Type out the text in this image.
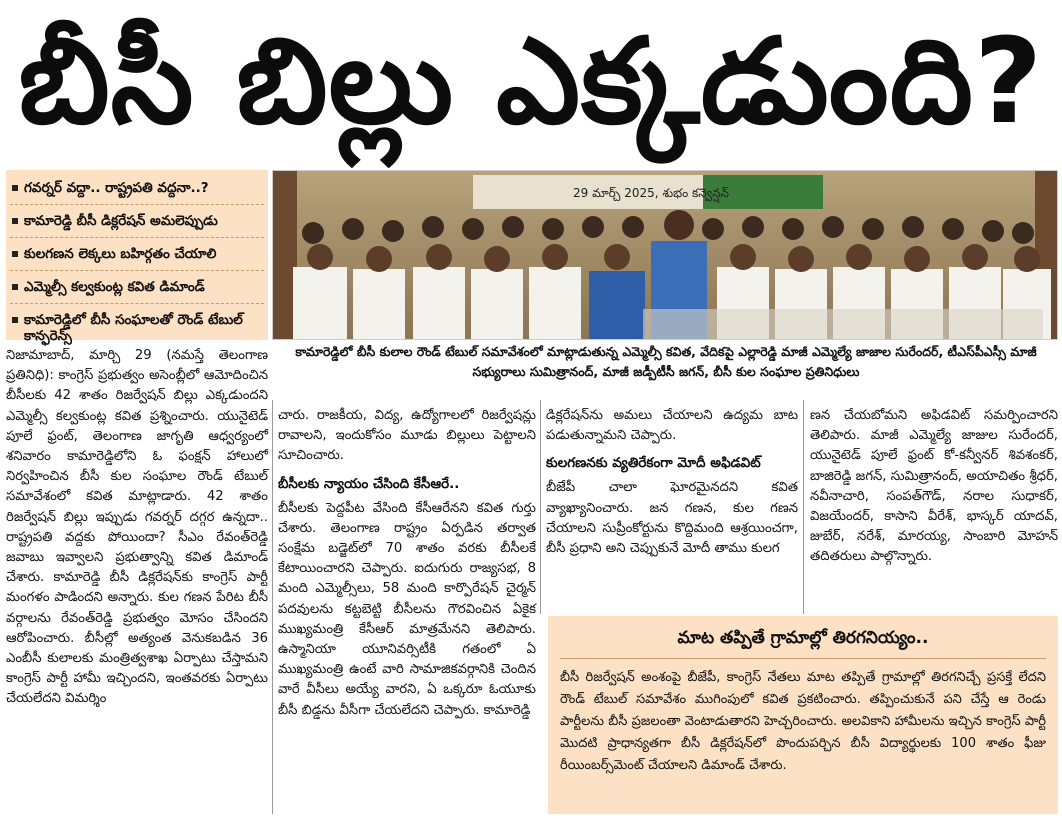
బీసీ బిల్లు ఎక్కడుంది?
గవర్నర్ వద్దా.. రాష్ట్రపతి వద్దనా..?
కామారెడ్డి బీసీ డిక్లరేషన్ అమలెప్పుడు
కులగణన లెక్కలు బహిర్గతం చేయాలి
ఎమ్మెల్సీ కల్వకుంట్ల కవిత డిమాండ్
కామారెడ్డిలో బీసీ సంఘాలతో రౌండ్ టేబుల్ కాన్ఫరెన్స్
29 మార్చ్ 2025, శుభం కన్వెన్షన్
కామారెడ్డిలో బీసీ కులాల రౌండ్ టేబుల్ సమావేశంలో మాట్లాడుతున్న ఎమ్మెల్సీ కవిత, వేదికపై ఎల్లారెడ్డి మాజీ ఎమ్మెల్యే జాజాల సురేందర్, టీఎస్‌పీఎస్సీ మాజీ సభ్యురాలు సుమిత్రానంద్, మాజీ జడ్పీటీసీ జగన్, బీసీ కుల సంఘాల ప్రతినిధులు

నిజామాబాద్, మార్చి 29 (నమస్తే తెలంగాణ ప్రతినిధి): కాంగ్రెస్ ప్రభుత్వం అసెంబ్లీలో ఆమోదించిన బీసీలకు 42 శాతం రిజర్వేషన్ బిల్లు ఎక్కడుందని ఎమ్మెల్సీ కల్వకుంట్ల కవిత ప్రశ్నించారు. యునైటెడ్ పూలే ఫ్రంట్, తెలంగాణ జాగృతి ఆధ్వర్యంలో శనివారం కామారెడ్డిలోని ఓ ఫంక్షన్ హాలులో నిర్వహించిన బీసీ కుల సంఘాల రౌండ్ టేబుల్ సమావేశంలో కవిత మాట్లాడారు. 42 శాతం రిజర్వేషన్ బిల్లు ఇప్పుడు గవర్నర్ దగ్గర ఉన్నదా.. రాష్ట్రపతి వద్దకు పోయిందా? సీఎం రేవంత్‌రెడ్డి జవాబు ఇవ్వాలని ప్రభుత్వాన్ని కవిత డిమాండ్ చేశారు. కామారెడ్డి బీసీ డిక్లరేషన్‌కు కాంగ్రెస్ పార్టీ మంగళం పాడిందని అన్నారు. కుల గణన పేరిట బీసీ వర్గాలను రేవంత్‌రెడ్డి ప్రభుత్వం మోసం చేసిందని ఆరోపించారు. బీసీల్లో అత్యంత వెనుకబడిన 36 ఎంబీసీ కులాలకు మంత్రిత్వశాఖ ఏర్పాటు చేస్తామని కాంగ్రెస్ పార్టీ హామీ ఇచ్చిందని, ఇంతవరకు ఏర్పాటు చేయలేదని విమర్శిం

చారు. రాజకీయ, విద్య, ఉద్యోగాలలో రిజర్వేషన్లు రావాలని, ఇందుకోసం మూడు బిల్లులు పెట్టాలని సూచించారు.

బీసీలకు న్యాయం చేసింది కేసీఆరే..

బీసీలకు పెద్దపీట వేసింది కేసీఆరేనని కవిత గుర్తు చేశారు. తెలంగాణ రాష్ట్రం ఏర్పడిన తర్వాత సంక్షేమ బడ్జెట్‌లో 70 శాతం వరకు బీసీలకే కేటాయించారని చెప్పారు. ఐదుగురు రాజ్యసభ, 8 మంది ఎమ్మెల్సీలు, 58 మంది కార్పొరేషన్ చైర్మన్ పదవులను కట్టబెట్టి బీసీలను గౌరవించిన ఏకైక ముఖ్యమంత్రి కేసీఆర్ మాత్రమేనని తెలిపారు. ఉస్మానియా యూనివర్సిటీకి గతంలో ఏ ముఖ్యమంత్రి ఉంటే వారి సామాజికవర్గానికి చెందిన వారే వీసీలు అయ్యే వారని, ఏ ఒక్కరూ ఓయూకు బీసీ బిడ్డను వీసీగా చేయలేదని చెప్పారు. కామారెడ్డి

డిక్లరేషన్‌ను అమలు చేయాలని ఉద్యమ బాట పడుతున్నామని చెప్పారు.

కులగణనకు వ్యతిరేకంగా మోదీ అఫిడవిట్

బీజేపీ చాలా ఘోరమైనదని కవిత వ్యాఖ్యానించారు. జన గణన, కుల గణన చేయాలని సుప్రీంకోర్టును కొద్దిమంది ఆశ్రయించగా, బీసీ ప్రధాని అని చెప్పుకునే మోదీ తాము కులగ

ణన చేయబోమని అఫిడవిట్ సమర్పించారని తెలిపారు. మాజీ ఎమ్మెల్యే జాజుల సురేందర్, యునైటెడ్ పూలే ఫ్రంట్ కో-కన్వీనర్ శివశంకర్, బాజిరెడ్డి జగన్, సుమిత్రానంద్, అయాచితం శ్రీధర్, నవీనాచారి, సంపత్‌గౌడ్, నరాల సుధాకర్, విజయేందర్, కాసాని వీరేశ్, భాస్కర్ యాదవ్, జుబేర్, నరేశ్, మారయ్య, సాంబారి మోహన్ తదితరులు పాల్గొన్నారు.

మాట తప్పితే గ్రామాల్లో తిరగనియ్యం..
బీసీ రిజర్వేషన్ అంశంపై బీజేపీ, కాంగ్రెస్ నేతలు మాట తప్పితే గ్రామాల్లో తిరగనిచ్చే ప్రసక్తే లేదని రౌండ్ టేబుల్ సమావేశం ముగింపులో కవిత ప్రకటించారు. తప్పించుకునే పని చేస్తే ఆ రెండు పార్టీలను బీసీ ప్రజలంతా వెంటాడుతారని హెచ్చరించారు. అలవికాని హామీలను ఇచ్చిన కాంగ్రెస్ పార్టీ మొదటి ప్రాధాన్యతగా బీసీ డిక్లరేషన్‌లో పొందుపర్చిన బీసీ విద్యార్థులకు 100 శాతం ఫీజు రీయింబర్స్‌మెంట్ చేయాలని డిమాండ్ చేశారు.
